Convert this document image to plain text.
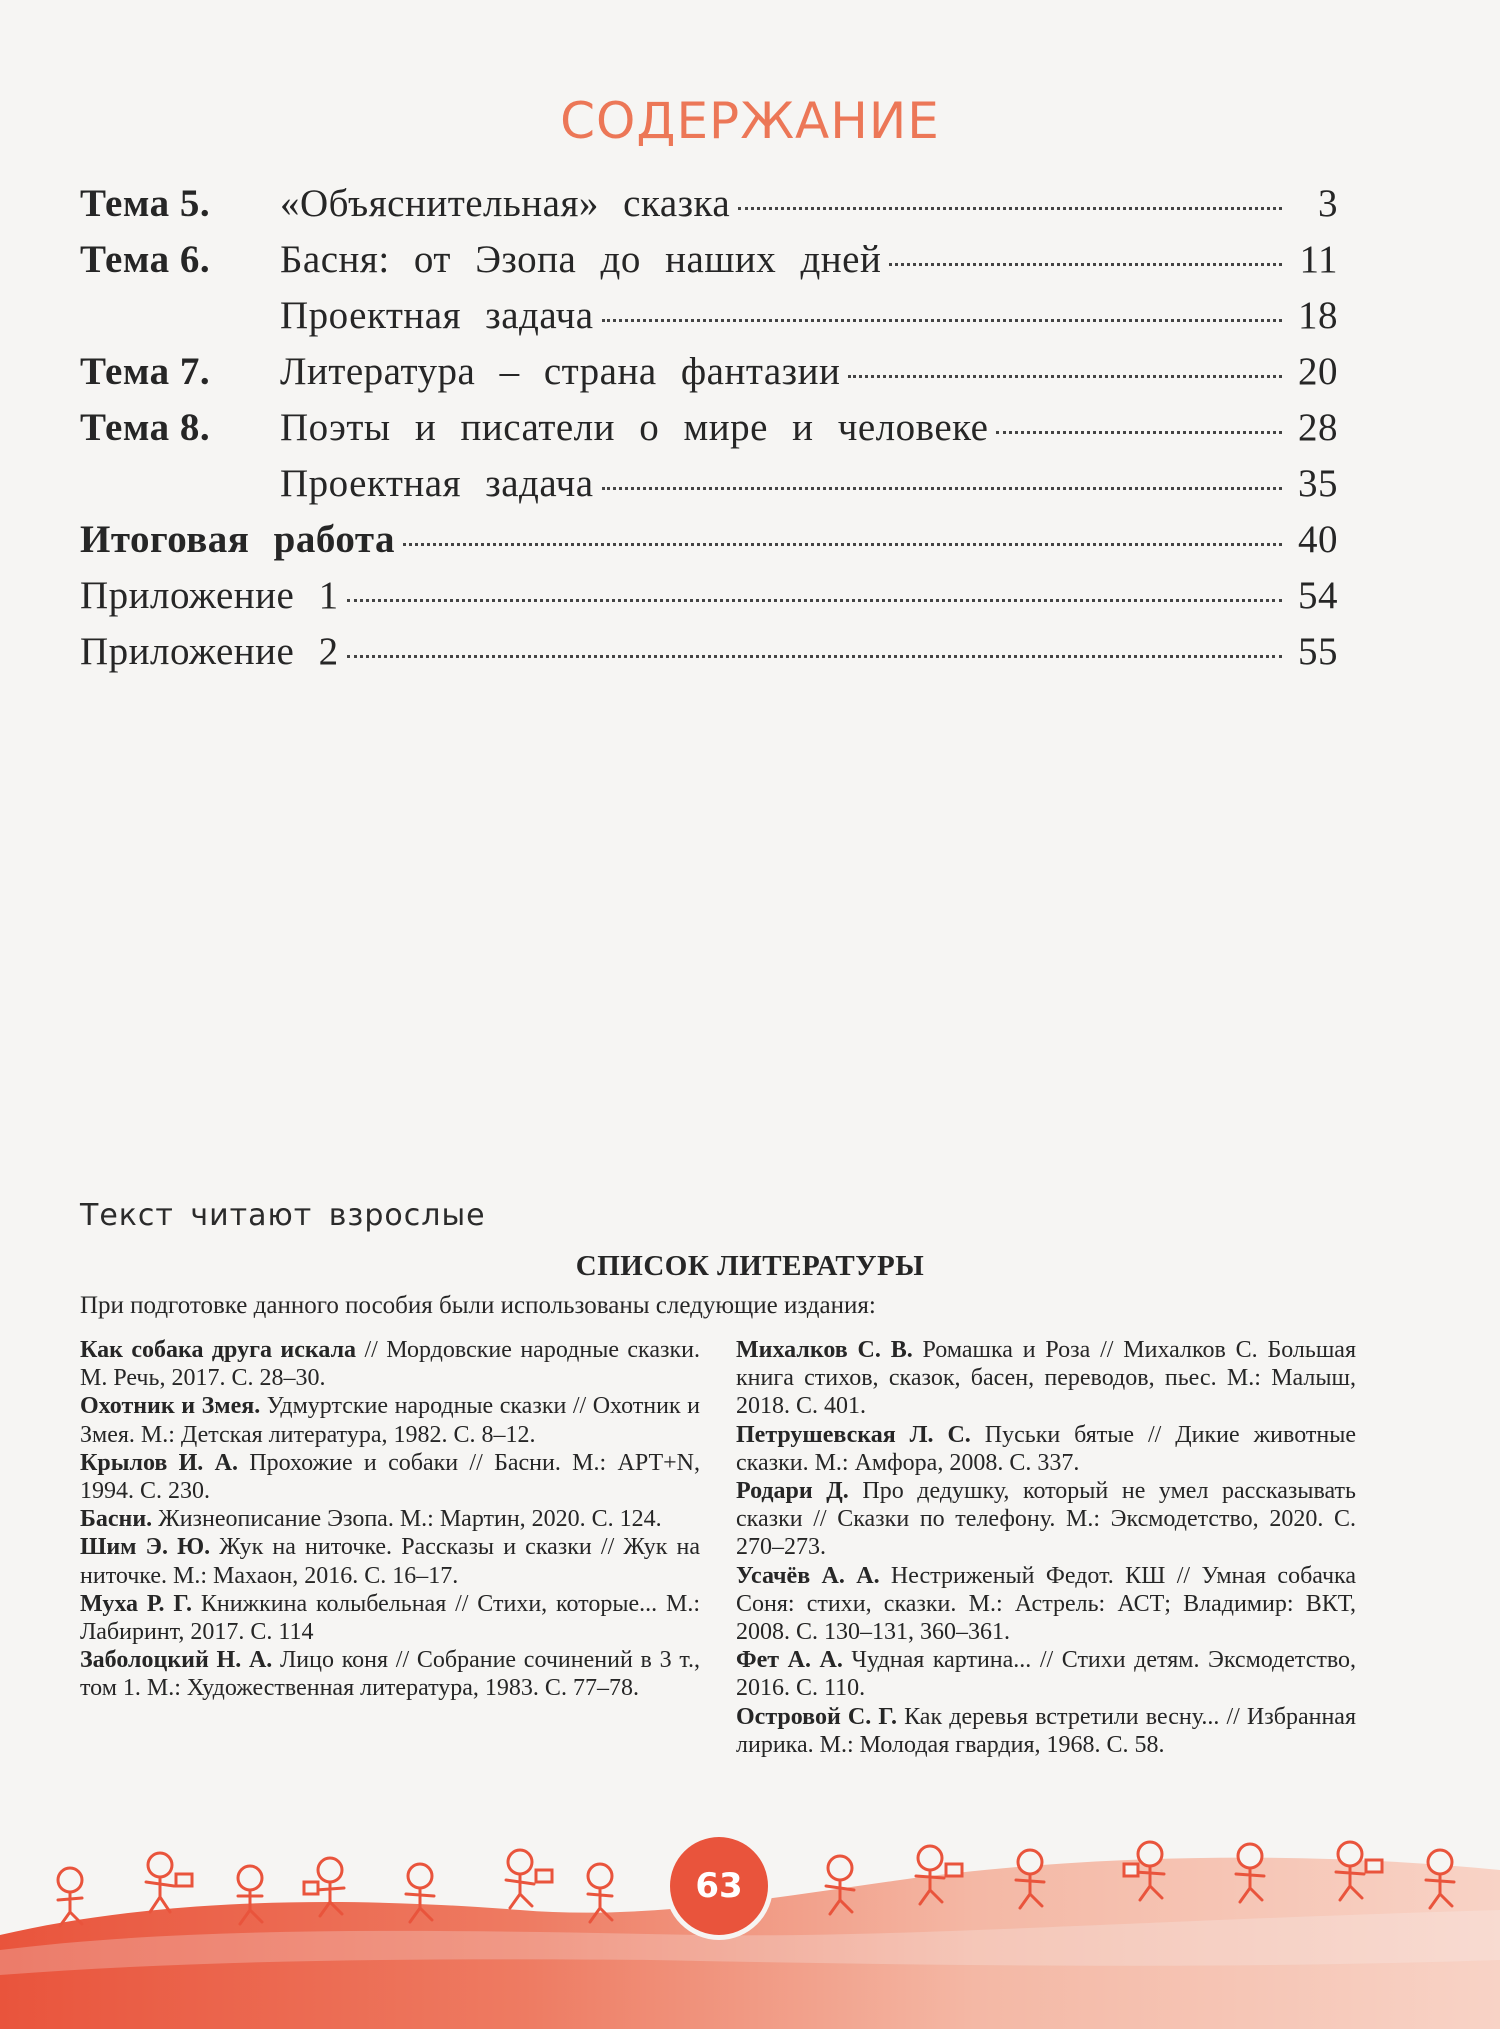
СОДЕРЖАНИЕ
Тема 5.	«Объяснительная» сказка	3
Тема 6.	Басня: от Эзопа до наших дней	11
Проектная задача	18
Тема 7.	Литература – страна фантазии	20
Тема 8.	Поэты и писатели о мире и человеке	28
Проектная задача	35
Итоговая работа	40
Приложение 1	54
Приложение 2	55
Текст читают взрослые
СПИСОК ЛИТЕРАТУРЫ
При подготовке данного пособия были использованы следующие издания:

Как собака друга искала // Мордовские народные сказки. М. Речь, 2017. С. 28–30.

Охотник и Змея. Удмуртские народные сказки // Охотник и Змея. М.: Детская литература, 1982. С. 8–12.

Крылов И. А. Прохожие и собаки // Басни. М.: АРТ+N, 1994. С. 230.

Басни. Жизнеописание Эзопа. М.: Мартин, 2020. С. 124.

Шим Э. Ю. Жук на ниточке. Рассказы и сказки // Жук на ниточке. М.: Махаон, 2016. С. 16–17.

Муха Р. Г. Книжкина колыбельная // Стихи, которые... М.: Лабиринт, 2017. С. 114

Заболоцкий Н. А. Лицо коня // Собрание сочинений в 3 т., том 1. М.: Художественная литература, 1983. С. 77–78.

Михалков С. В. Ромашка и Роза // Михалков С. Большая книга стихов, сказок, басен, переводов, пьес. М.: Малыш, 2018. С. 401.

Петрушевская Л. С. Пуськи бятые // Дикие животные сказки. М.: Амфора, 2008. С. 337.

Родари Д. Про дедушку, который не умел рассказывать сказки // Сказки по телефону. М.: Эксмодетство, 2020. С. 270–273.

Усачёв А. А. Нестриженый Федот. КШ // Умная собачка Соня: стихи, сказки. М.: Астрель: АСТ; Владимир: ВКТ, 2008. С. 130–131, 360–361.

Фет А. А. Чудная картина... // Стихи детям. Эксмодетство, 2016. С. 110.

Островой С. Г. Как деревья встретили весну... // Избранная лирика. М.: Молодая гвардия, 1968. С. 58.

63
